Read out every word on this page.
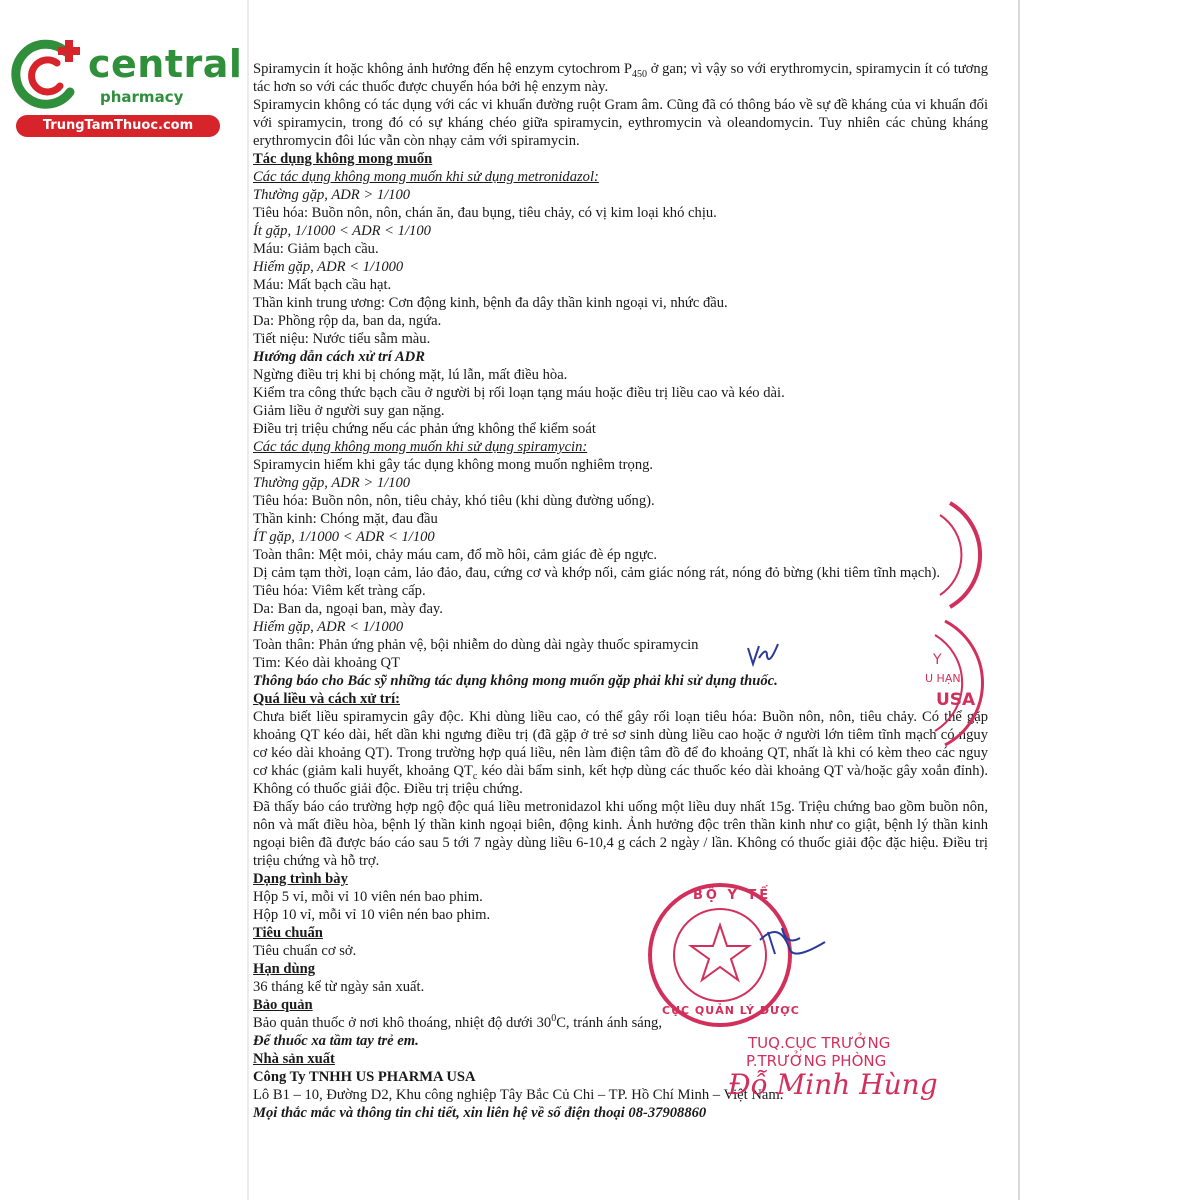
central
pharmacy
TrungTamThuoc.com

Spiramycin ít hoặc không ảnh hưởng đến hệ enzym cytochrom $P_{450}$ ở gan; vì vậy so với erythromycin, spiramycin ít có tương tác hơn so với các thuốc được chuyển hóa bởi hệ enzym này.

Spiramycin không có tác dụng với các vi khuẩn đường ruột Gram âm. Cũng đã có thông báo về sự đề kháng của vi khuẩn đối với spiramycin, trong đó có sự kháng chéo giữa spiramycin, eythromycin và oleandomycin. Tuy nhiên các chủng kháng erythromycin đôi lúc vẫn còn nhạy cảm với spiramycin.

Tác dụng không mong muốn

Các tác dụng không mong muốn khi sử dụng metronidazol:

Thường gặp, ADR > 1/100

Tiêu hóa: Buồn nôn, nôn, chán ăn, đau bụng, tiêu chảy, có vị kim loại khó chịu.

Ít gặp, 1/1000 < ADR < 1/100

Máu: Giảm bạch cầu.

Hiếm gặp, ADR < 1/1000

Máu: Mất bạch cầu hạt.

Thần kinh trung ương: Cơn động kinh, bệnh đa dây thần kinh ngoại vi, nhức đầu.

Da: Phồng rộp da, ban da, ngứa.

Tiết niệu: Nước tiểu sẫm màu.

Hướng dẫn cách xử trí ADR

Ngừng điều trị khi bị chóng mặt, lú lẫn, mất điều hòa.

Kiểm tra công thức bạch cầu ở người bị rối loạn tạng máu hoặc điều trị liều cao và kéo dài.

Giảm liều ở người suy gan nặng.

Điều trị triệu chứng nếu các phản ứng không thể kiểm soát

Các tác dụng không mong muốn khi sử dụng spiramycin:

Spiramycin hiếm khi gây tác dụng không mong muốn nghiêm trọng.

Thường gặp, ADR > 1/100

Tiêu hóa: Buồn nôn, nôn, tiêu chảy, khó tiêu (khi dùng đường uống).

Thần kinh: Chóng mặt, đau đầu

ÍT gặp, 1/1000 < ADR < 1/100

Toàn thân: Mệt mỏi, chảy máu cam, đổ mồ hôi, cảm giác đè ép ngực.

Dị cảm tạm thời, loạn cảm, lảo đảo, đau, cứng cơ và khớp nối, cảm giác nóng rát, nóng đỏ bừng (khi tiêm tĩnh mạch).

Tiêu hóa: Viêm kết tràng cấp.

Da: Ban da, ngoại ban, mày đay.

Hiếm gặp, ADR < 1/1000

Toàn thân: Phản ứng phản vệ, bội nhiễm do dùng dài ngày thuốc spiramycin

Tim: Kéo dài khoảng QT

Thông báo cho Bác sỹ những tác dụng không mong muốn gặp phải khi sử dụng thuốc.

Quá liều và cách xử trí:

Chưa biết liều spiramycin gây độc. Khi dùng liều cao, có thể gây rối loạn tiêu hóa: Buồn nôn, nôn, tiêu chảy. Có thể gặp khoảng QT kéo dài, hết dần khi ngưng điều trị (đã gặp ở trẻ sơ sinh dùng liều cao hoặc ở người lớn tiêm tĩnh mạch có nguy cơ kéo dài khoảng QT). Trong trường hợp quá liều, nên làm điện tâm đồ để đo khoảng QT, nhất là khi có kèm theo các nguy cơ khác (giảm kali huyết, khoảng $QT_c$ kéo dài bẩm sinh, kết hợp dùng các thuốc kéo dài khoảng QT và/hoặc gây xoắn đỉnh). Không có thuốc giải độc. Điều trị triệu chứng.

Đã thấy báo cáo trường hợp ngộ độc quá liều metronidazol khi uống một liều duy nhất 15g. Triệu chứng bao gồm buồn nôn, nôn và mất điều hòa, bệnh lý thần kinh ngoại biên, động kinh. Ảnh hưởng độc trên thần kinh như co giật, bệnh lý thần kinh ngoại biên đã được báo cáo sau 5 tới 7 ngày dùng liều 6-10,4 g cách 2 ngày / lần. Không có thuốc giải độc đặc hiệu. Điều trị triệu chứng và hỗ trợ.

Dạng trình bày

Hộp 5 vỉ, mỗi vỉ 10 viên nén bao phim.

Hộp 10 vỉ, mỗi vỉ 10 viên nén bao phim.

Tiêu chuẩn

Tiêu chuẩn cơ sở.

Hạn dùng

36 tháng kể từ ngày sản xuất.

Bảo quản

Bảo quản thuốc ở nơi khô thoáng, nhiệt độ dưới $30^0C$, tránh ánh sáng,

Để thuốc xa tầm tay trẻ em.

Nhà sản xuất

Công Ty TNHH US PHARMA USA

Lô B1 – 10, Đường D2, Khu công nghiệp Tây Bắc Củ Chi – TP. Hồ Chí Minh – Việt Nam.

Mọi thắc mắc và thông tin chi tiết, xin liên hệ về số điện thoại 08-37908860

Y
U HẠN
USA
BỘ Y TẾ
CỤC QUẢN LÝ DƯỢC
TUQ.CỤC TRƯỞNG
P.TRƯỞNG PHÒNG
Đỗ Minh Hùng
